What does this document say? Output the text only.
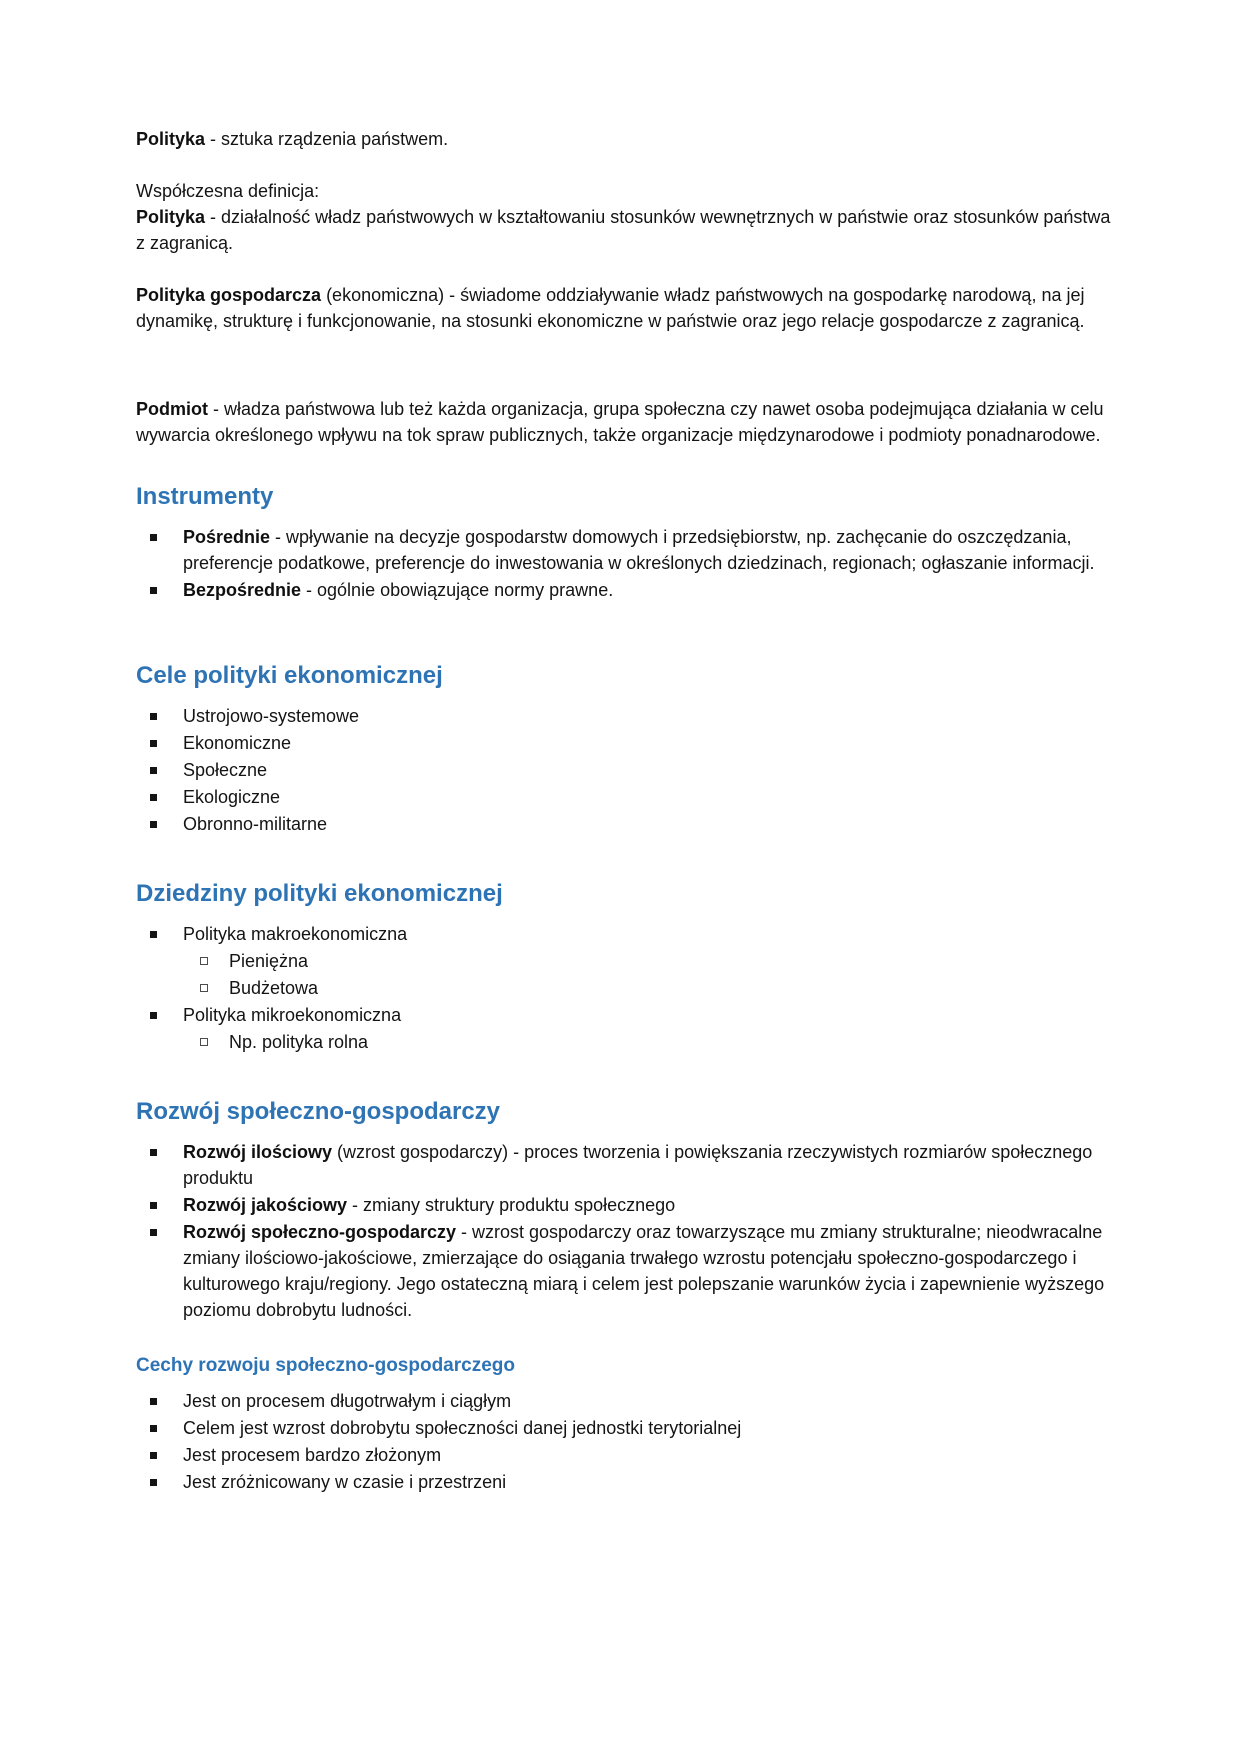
Polityka - sztuka rządzenia państwem.

Współczesna definicja:

Polityka - działalność władz państwowych w kształtowaniu stosunków wewnętrznych w państwie oraz stosunków państwa z zagranicą.

Polityka gospodarcza (ekonomiczna) - świadome oddziaływanie władz państwowych na gospodarkę narodową, na jej dynamikę, strukturę i funkcjonowanie, na stosunki ekonomiczne w państwie oraz jego relacje gospodarcze z zagranicą.

Podmiot - władza państwowa lub też każda organizacja, grupa społeczna czy nawet osoba podejmująca działania w celu wywarcia określonego wpływu na tok spraw publicznych, także organizacje międzynarodowe i podmioty ponadnarodowe.

Instrumenty
Pośrednie - wpływanie na decyzje gospodarstw domowych i przedsiębiorstw, np. zachęcanie do oszczędzania, preferencje podatkowe, preferencje do inwestowania w określonych dziedzinach, regionach; ogłaszanie informacji.
Bezpośrednie - ogólnie obowiązujące normy prawne.
Cele polityki ekonomicznej
Ustrojowo-systemowe
Ekonomiczne
Społeczne
Ekologiczne
Obronno-militarne
Dziedziny polityki ekonomicznej
Polityka makroekonomiczna
Pieniężna
Budżetowa
Polityka mikroekonomiczna
Np. polityka rolna
Rozwój społeczno-gospodarczy
Rozwój ilościowy (wzrost gospodarczy) - proces tworzenia i powiększania rzeczywistych rozmiarów społecznego produktu
Rozwój jakościowy - zmiany struktury produktu społecznego
Rozwój społeczno-gospodarczy - wzrost gospodarczy oraz towarzyszące mu zmiany strukturalne; nieodwracalne zmiany ilościowo-jakościowe, zmierzające do osiągania trwałego wzrostu potencjału społeczno-gospodarczego i kulturowego kraju/regiony. Jego ostateczną miarą i celem jest polepszanie warunków życia i zapewnienie wyższego poziomu dobrobytu ludności.
Cechy rozwoju społeczno-gospodarczego
Jest on procesem długotrwałym i ciągłym
Celem jest wzrost dobrobytu społeczności danej jednostki terytorialnej
Jest procesem bardzo złożonym
Jest zróżnicowany w czasie i przestrzeni
